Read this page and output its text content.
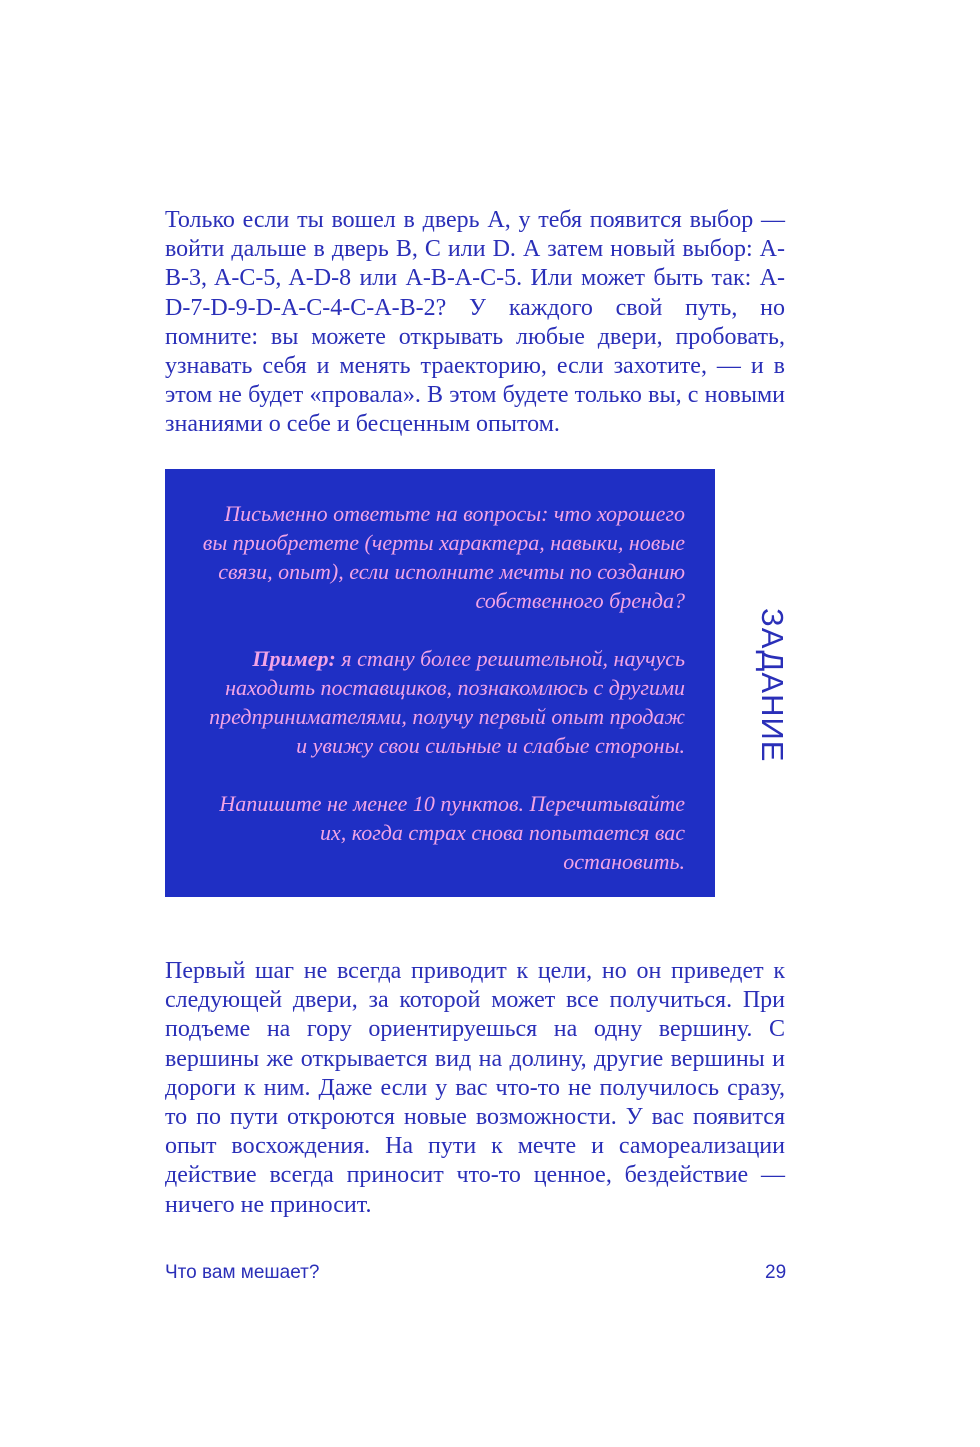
Только если ты вошел в дверь А, у тебя появится выбор — войти дальше в дверь B, C или D. А затем новый выбор: A-B-3, A-C-5, A-D-8 или A-B-A-C-5. Или может быть так: A-D-7-D-9-D-A-C-4-C-A-B-2? У каждого свой путь, но помните: вы можете открывать любые двери, пробовать, узнавать себя и менять траекторию, если захотите, — и в этом не будет «провала». В этом будете только вы, с новыми знаниями о себе и бесценным опытом.

Письменно ответьте на вопросы: что хорошего вы приобретете (черты характера, навыки, новые связи, опыт), если исполните мечты по созданию собственного бренда?

Пример: я стану более решительной, научусь находить поставщиков, познакомлюсь с другими предпринимателями, получу первый опыт продаж и увижу свои сильные и слабые стороны.

Напишите не менее 10 пунктов. Перечитывайте их, когда страх снова попытается вас остановить.

ЗАДАНИЕ

Первый шаг не всегда приводит к цели, но он приведет к следующей двери, за которой может все получиться. При подъеме на гору ориентируешься на одну вершину. С вершины же открывается вид на долину, другие вершины и дороги к ним. Даже если у вас что-то не получилось сразу, то по пути откроются новые возможности. У вас появится опыт восхождения. На пути к мечте и самореализации действие всегда приносит что-то ценное, бездействие — ничего не приносит.

Что вам мешает?	29
